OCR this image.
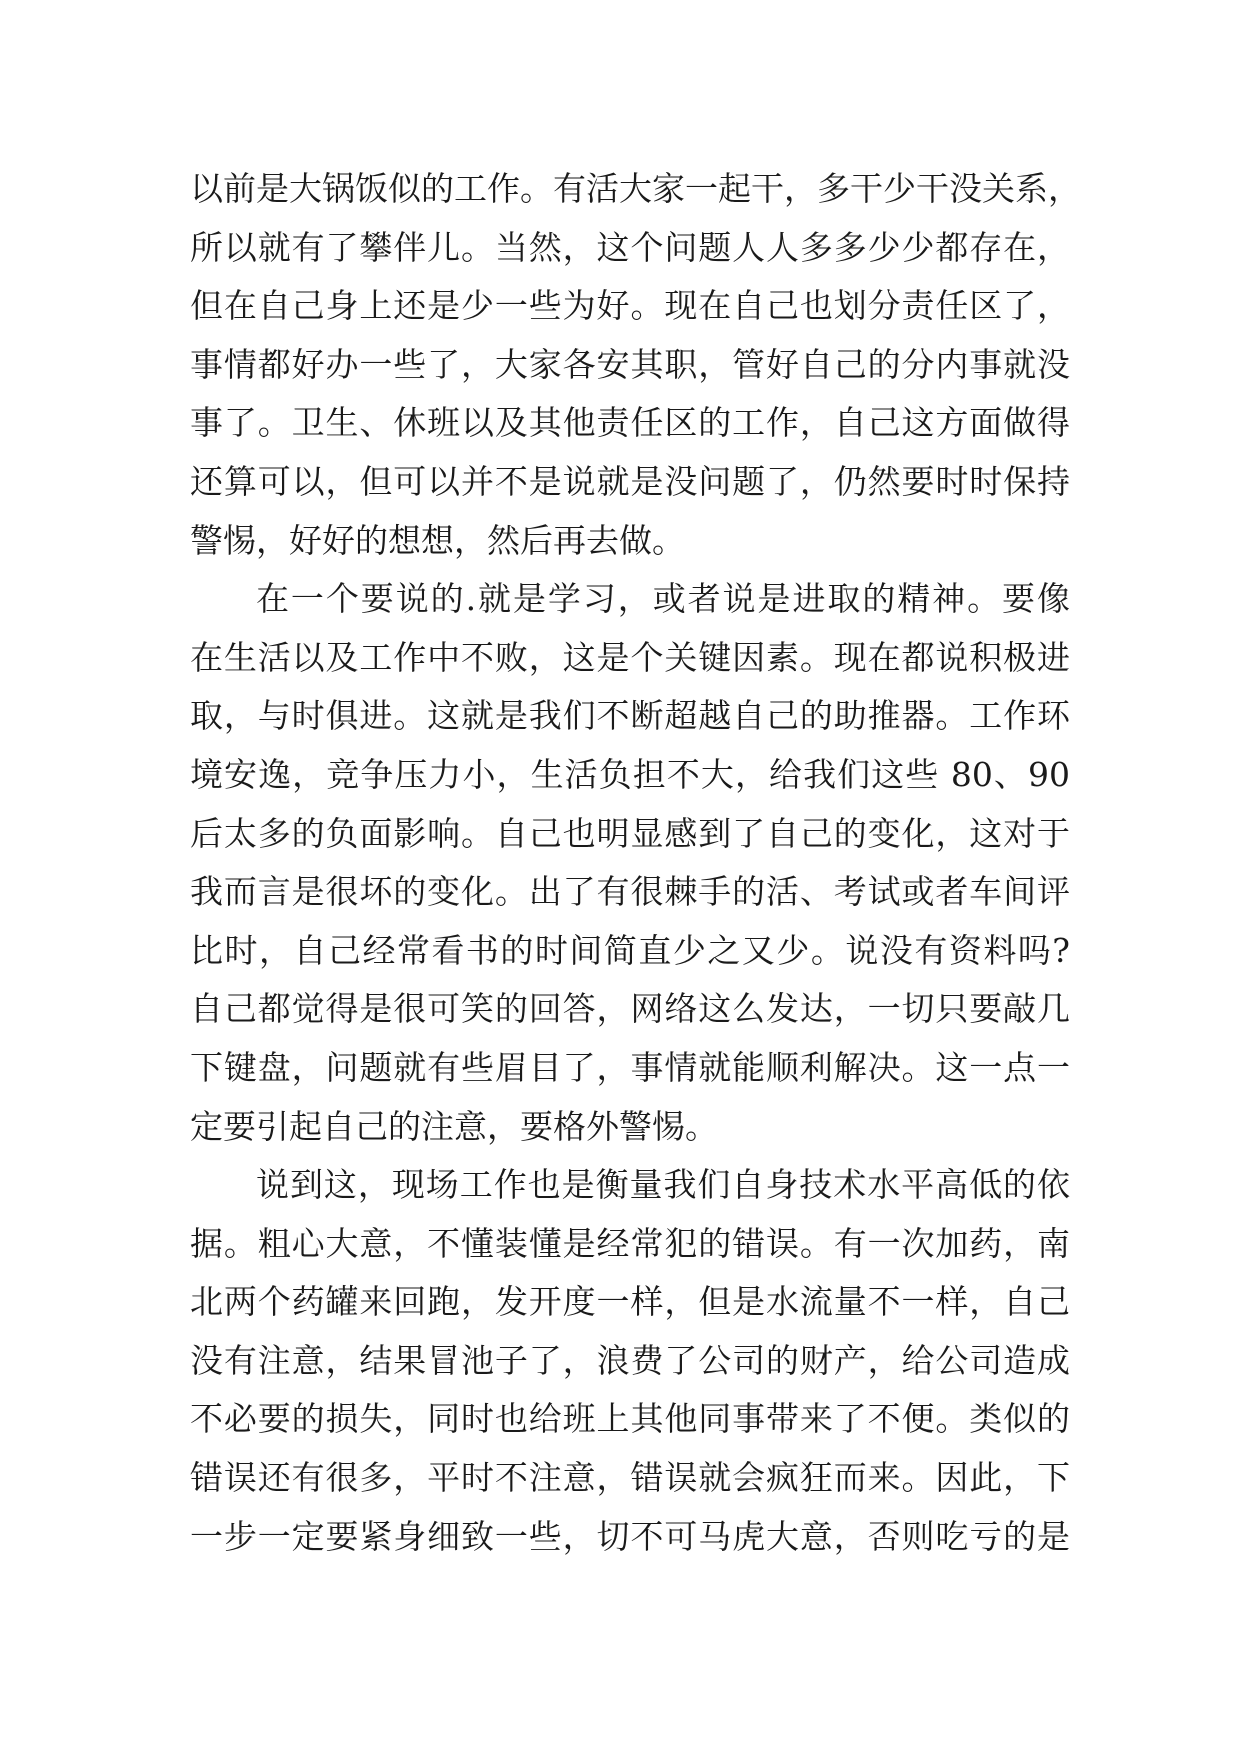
以前是大锅饭似的工作。有活大家一起干，多干少干没关系，
所以就有了攀伴儿。当然，这个问题人人多多少少都存在，
但在自己身上还是少一些为好。现在自己也划分责任区了，
事情都好办一些了，大家各安其职，管好自己的分内事就没
事了。卫生、休班以及其他责任区的工作，自己这方面做得
还算可以，但可以并不是说就是没问题了，仍然要时时保持
警惕，好好的想想，然后再去做。
在一个要说的.就是学习，或者说是进取的精神。要像
在生活以及工作中不败，这是个关键因素。现在都说积极进
取，与时俱进。这就是我们不断超越自己的助推器。工作环
境安逸，竞争压力小，生活负担不大，给我们这些 80、90
后太多的负面影响。自己也明显感到了自己的变化，这对于
我而言是很坏的变化。出了有很棘手的活、考试或者车间评
比时，自己经常看书的时间简直少之又少。说没有资料吗?
自己都觉得是很可笑的回答，网络这么发达，一切只要敲几
下键盘，问题就有些眉目了，事情就能顺利解决。这一点一
定要引起自己的注意，要格外警惕。
说到这，现场工作也是衡量我们自身技术水平高低的依
据。粗心大意，不懂装懂是经常犯的错误。有一次加药，南
北两个药罐来回跑，发开度一样，但是水流量不一样，自己
没有注意，结果冒池子了，浪费了公司的财产，给公司造成
不必要的损失，同时也给班上其他同事带来了不便。类似的
错误还有很多，平时不注意，错误就会疯狂而来。因此，下
一步一定要紧身细致一些，切不可马虎大意，否则吃亏的是
